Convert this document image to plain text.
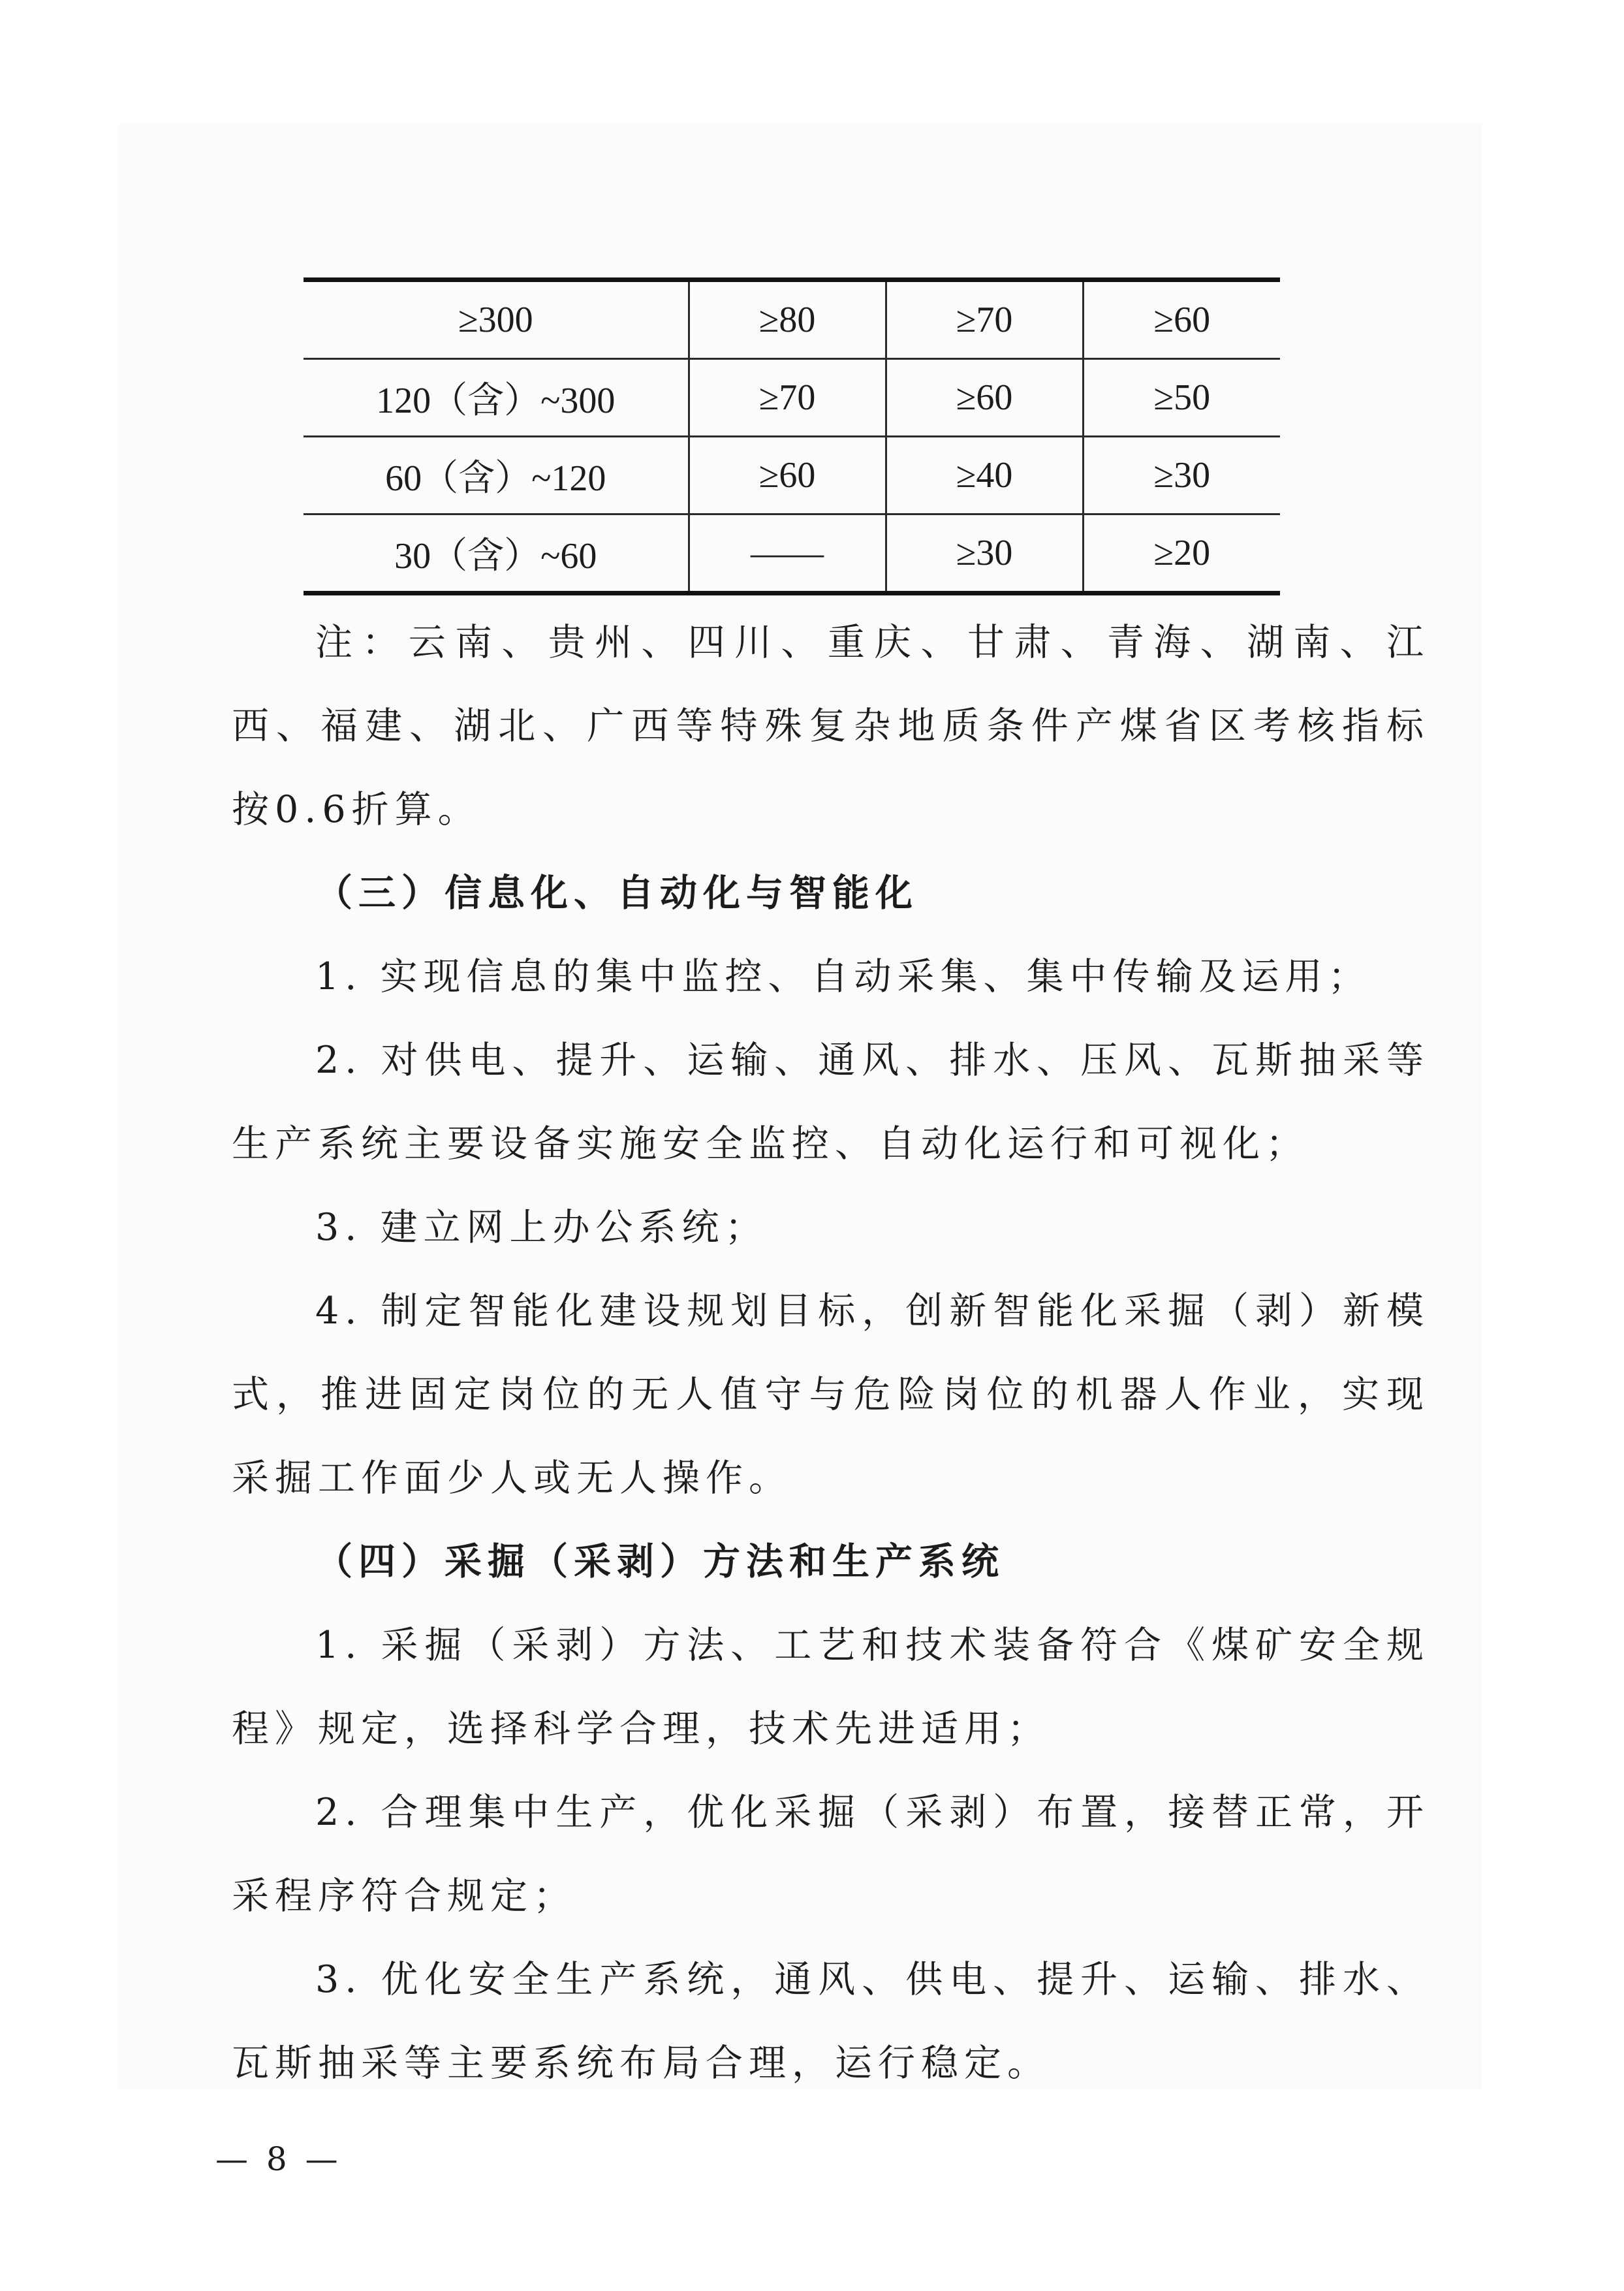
≥300	≥80	≥70	≥60
120（含）~300	≥70	≥60	≥50
60（含）~120	≥60	≥40	≥30
30（含）~60	——	≥30	≥20

注：云南、贵州、四川、重庆、甘肃、青海、湖南、江西、福建、湖北、广西等特殊复杂地质条件产煤省区考核指标按0.6折算。

（三）信息化、自动化与智能化

1. 实现信息的集中监控、自动采集、集中传输及运用；

2. 对供电、提升、运输、通风、排水、压风、瓦斯抽采等生产系统主要设备实施安全监控、自动化运行和可视化；

3. 建立网上办公系统；

4. 制定智能化建设规划目标，创新智能化采掘（剥）新模式，推进固定岗位的无人值守与危险岗位的机器人作业，实现采掘工作面少人或无人操作。

（四）采掘（采剥）方法和生产系统

1. 采掘（采剥）方法、工艺和技术装备符合《煤矿安全规程》规定，选择科学合理，技术先进适用；

2. 合理集中生产，优化采掘（采剥）布置，接替正常，开采程序符合规定；

3. 优化安全生产系统，通风、供电、提升、运输、排水、瓦斯抽采等主要系统布局合理，运行稳定。

— 8 —
